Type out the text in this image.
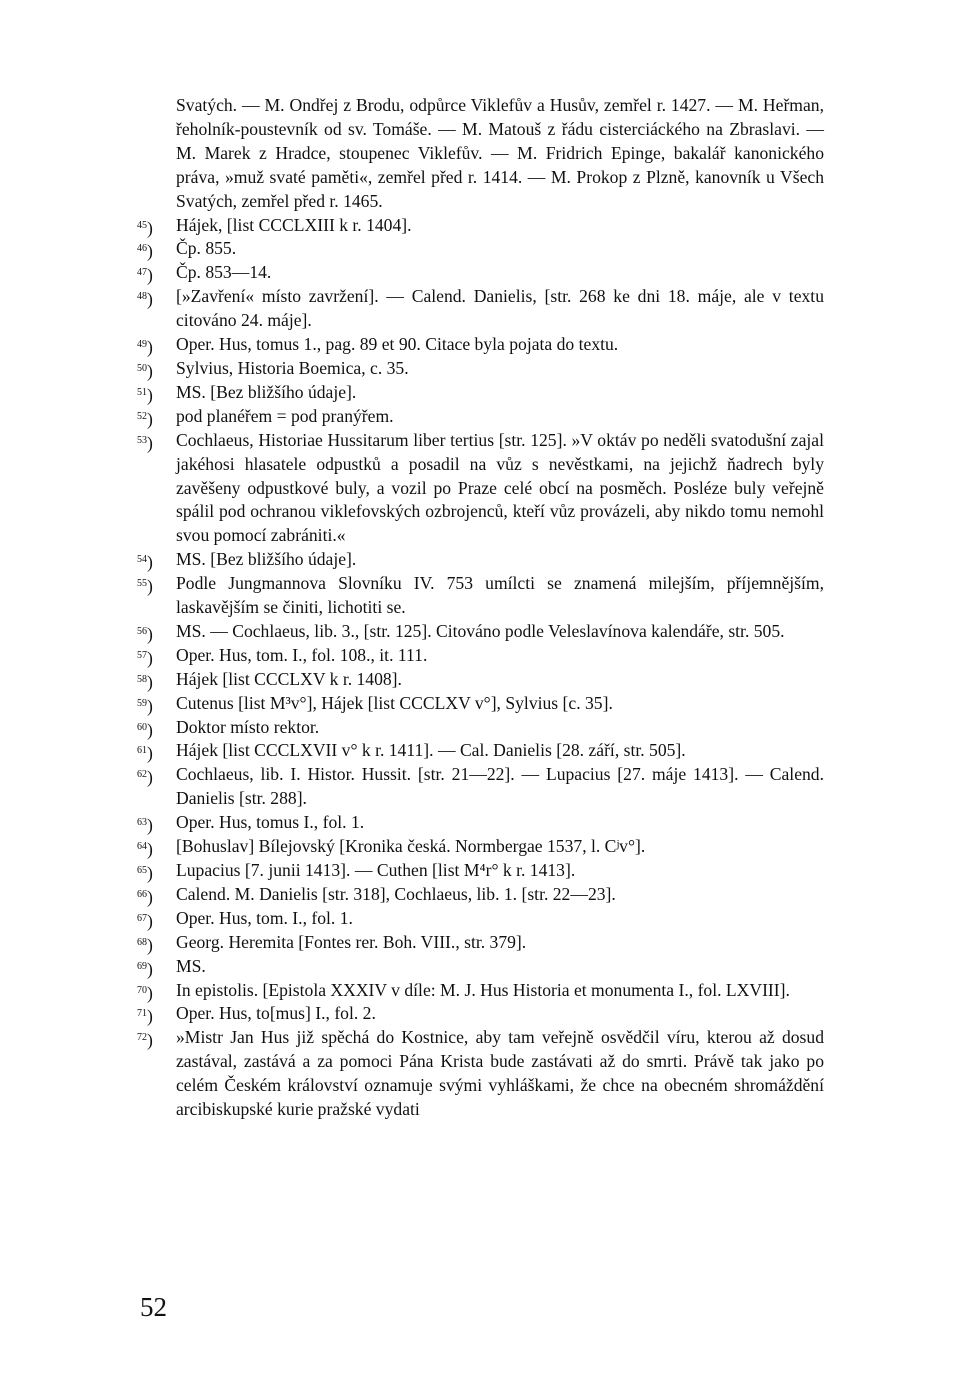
Svatých. — M. Ondřej z Brodu, odpůrce Viklefův a Husův, zemřel r. 1427. — M. Heřman, řeholník-poustevník od sv. Tomáše. — M. Matouš z řádu cisterciáckého na Zbraslavi. — M. Marek z Hradce, stoupenec Viklefův. — M. Fridrich Epinge, bakalář kanonického práva, »muž svaté paměti«, zemřel před r. 1414. — M. Prokop z Plzně, kanovník u Všech Svatých, zemřel před r. 1465.

$^{45}$)	Hájek, [list CCCLXIII k r. 1404].
$^{46}$)	Čp. 855.
$^{47}$)	Čp. 853—14.
$^{48}$)	[»Zavření« místo zavržení]. — Calend. Danielis, [str. 268 ke dni 18. máje, ale v textu citováno 24. máje].
$^{49}$)	Oper. Hus, tomus 1., pag. 89 et 90. Citace byla pojata do textu.
$^{50}$)	Sylvius, Historia Boemica, c. 35.
$^{51}$)	MS. [Bez bližšího údaje].
$^{52}$)	pod planéřem = pod pranýřem.
$^{53}$)	Cochlaeus, Historiae Hussitarum liber tertius [str. 125]. »V oktáv po neděli svatodušní zajal jakéhosi hlasatele odpustků a posadil na vůz s nevěstkami, na jejichž ňadrech byly zavěšeny odpustkové buly, a vozil po Praze celé obcí na posměch. Posléze buly veřejně spálil pod ochranou viklefovských ozbrojenců, kteří vůz provázeli, aby nikdo tomu nemohl svou pomocí zabrániti.«
$^{54}$)	MS. [Bez bližšího údaje].
$^{55}$)	Podle Jungmannova Slovníku IV. 753 umílcti se znamená milejším, příjemnějším, laskavějším se činiti, lichotiti se.
$^{56}$)	MS. — Cochlaeus, lib. 3., [str. 125]. Citováno podle Veleslavínova kalendáře, str. 505.
$^{57}$)	Oper. Hus, tom. I., fol. 108., it. 111.
$^{58}$)	Hájek [list CCCLXV k r. 1408].
$^{59}$)	Cutenus [list M³v°], Hájek [list CCCLXV v°], Sylvius [c. 35].
$^{60}$)	Doktor místo rektor.
$^{61}$)	Hájek [list CCCLXVII v° k r. 1411]. — Cal. Danielis [28. září, str. 505].
$^{62}$)	Cochlaeus, lib. I. Histor. Hussit. [str. 21—22]. — Lupacius [27. máje 1413]. — Calend. Danielis [str. 288].
$^{63}$)	Oper. Hus, tomus I., fol. 1.
$^{64}$)	[Bohuslav] Bílejovský [Kronika česká. Normbergae 1537, l. Cʲv°].
$^{65}$)	Lupacius [7. junii 1413]. — Cuthen [list M⁴r° k r. 1413].
$^{66}$)	Calend. M. Danielis [str. 318], Cochlaeus, lib. 1. [str. 22—23].
$^{67}$)	Oper. Hus, tom. I., fol. 1.
$^{68}$)	Georg. Heremita [Fontes rer. Boh. VIII., str. 379].
$^{69}$)	MS.
$^{70}$)	In epistolis. [Epistola XXXIV v díle: M. J. Hus Historia et monumenta I., fol. LXVIII].
$^{71}$)	Oper. Hus, to[mus] I., fol. 2.
$^{72}$)	»Mistr Jan Hus již spěchá do Kostnice, aby tam veřejně osvědčil víru, kterou až dosud zastával, zastává a za pomoci Pána Krista bude zastávati až do smrti. Právě tak jako po celém Českém království oznamuje svými vyhláškami, že chce na obecném shromáždění arcibiskupské kurie pražské vydati
52
